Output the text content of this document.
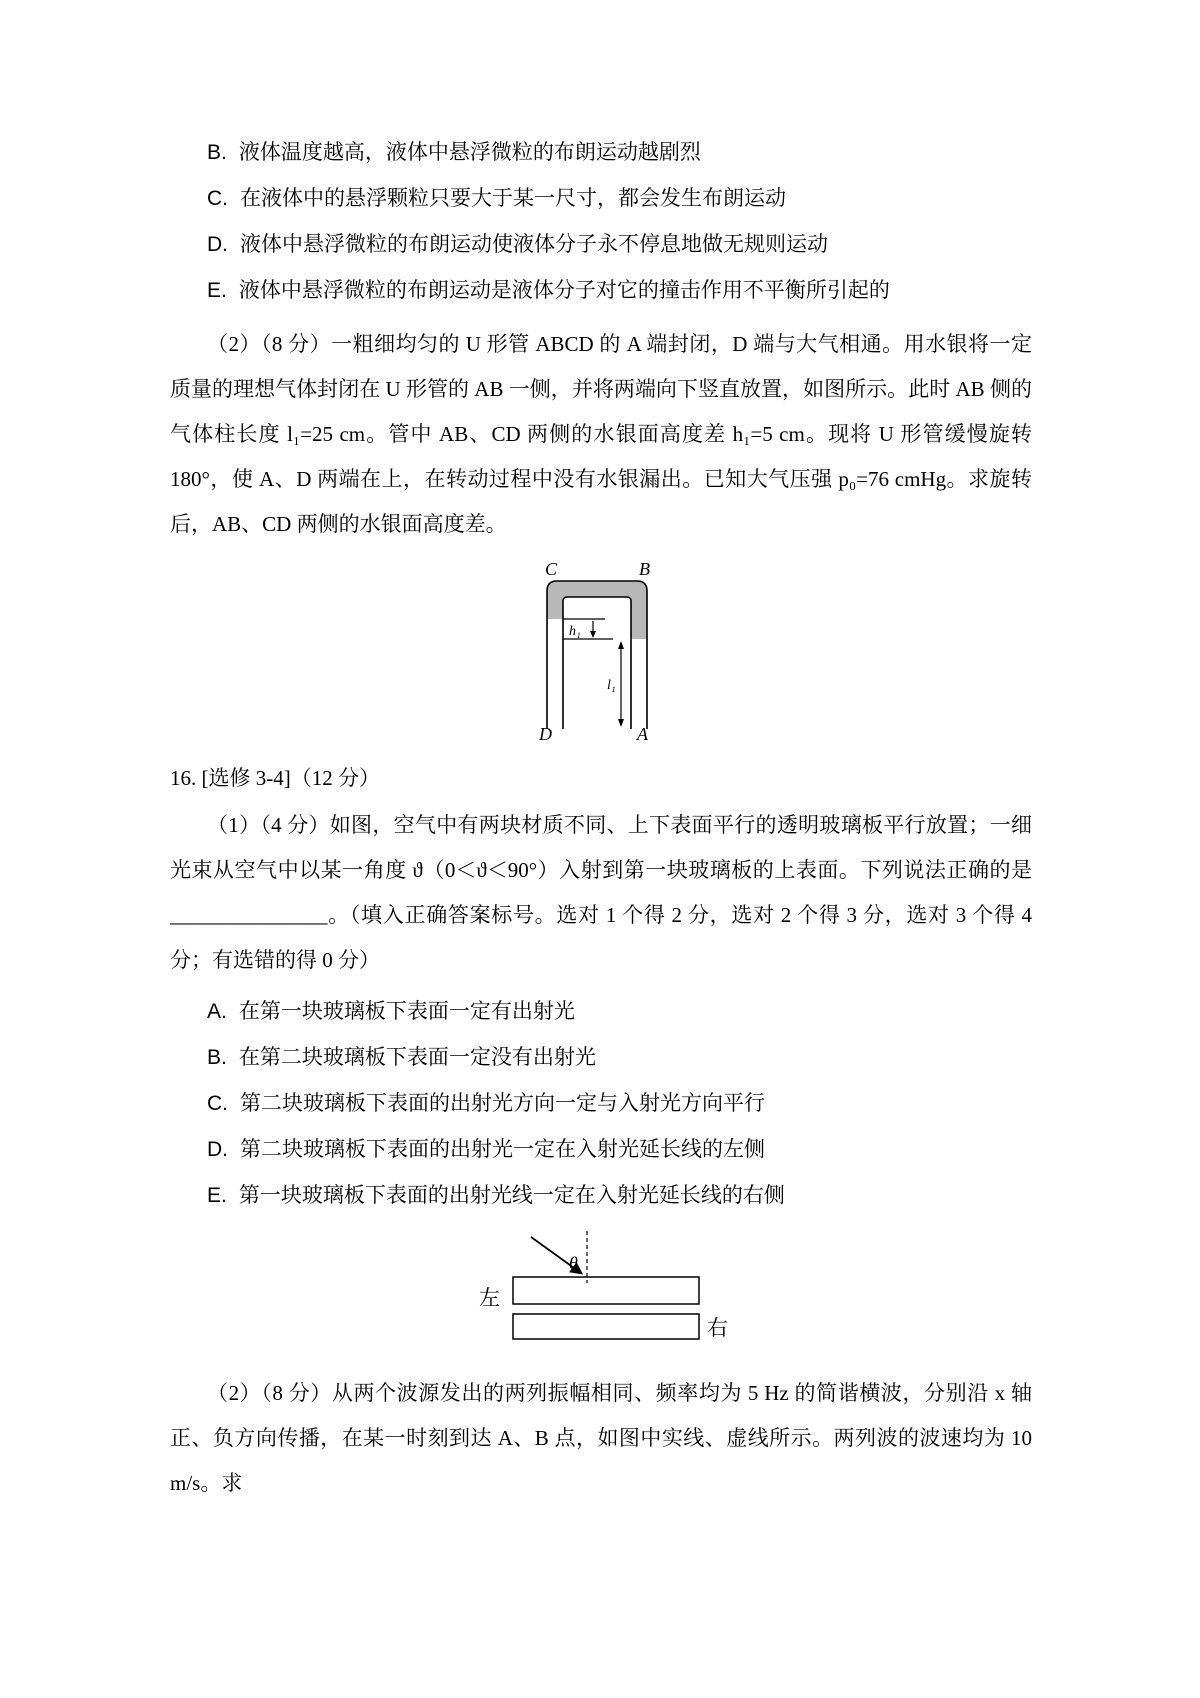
B. 液体温度越高，液体中悬浮微粒的布朗运动越剧烈
C. 在液体中的悬浮颗粒只要大于某一尺寸，都会发生布朗运动
D. 液体中悬浮微粒的布朗运动使液体分子永不停息地做无规则运动
E. 液体中悬浮微粒的布朗运动是液体分子对它的撞击作用不平衡所引起的

（2）（8 分）一粗细均匀的 U 形管 ABCD 的 A 端封闭，D 端与大气相通。用水银将一定质量的理想气体封闭在 U 形管的 AB 一侧，并将两端向下竖直放置，如图所示。此时 AB 侧的气体柱长度 l₁=25 cm。管中 AB、CD 两侧的水银面高度差 h₁=5 cm。现将 U 形管缓慢旋转 180°，使 A、D 两端在上，在转动过程中没有水银漏出。已知大气压强 p₀=76 cmHg。求旋转后，AB、CD 两侧的水银面高度差。

h₁
l₁
C	B
D	A
16. [选修 3-4]（12 分）

（1）（4 分）如图，空气中有两块材质不同、上下表面平行的透明玻璃板平行放置；一细光束从空气中以某一角度 ϑ（0＜ϑ＜90°）入射到第一块玻璃板的上表面。下列说法正确的是_______________。（填入正确答案标号。选对 1 个得 2 分，选对 2 个得 3 分，选对 3 个得 4 分；有选错的得 0 分）

A. 在第一块玻璃板下表面一定有出射光
B. 在第二块玻璃板下表面一定没有出射光
C. 第二块玻璃板下表面的出射光方向一定与入射光方向平行
D. 第二块玻璃板下表面的出射光一定在入射光延长线的左侧
E. 第一块玻璃板下表面的出射光线一定在入射光延长线的右侧
θ
左
右

（2）（8 分）从两个波源发出的两列振幅相同、频率均为 5 Hz 的简谐横波，分别沿 x 轴正、负方向传播，在某一时刻到达 A、B 点，如图中实线、虚线所示。两列波的波速均为 10 m/s。求
